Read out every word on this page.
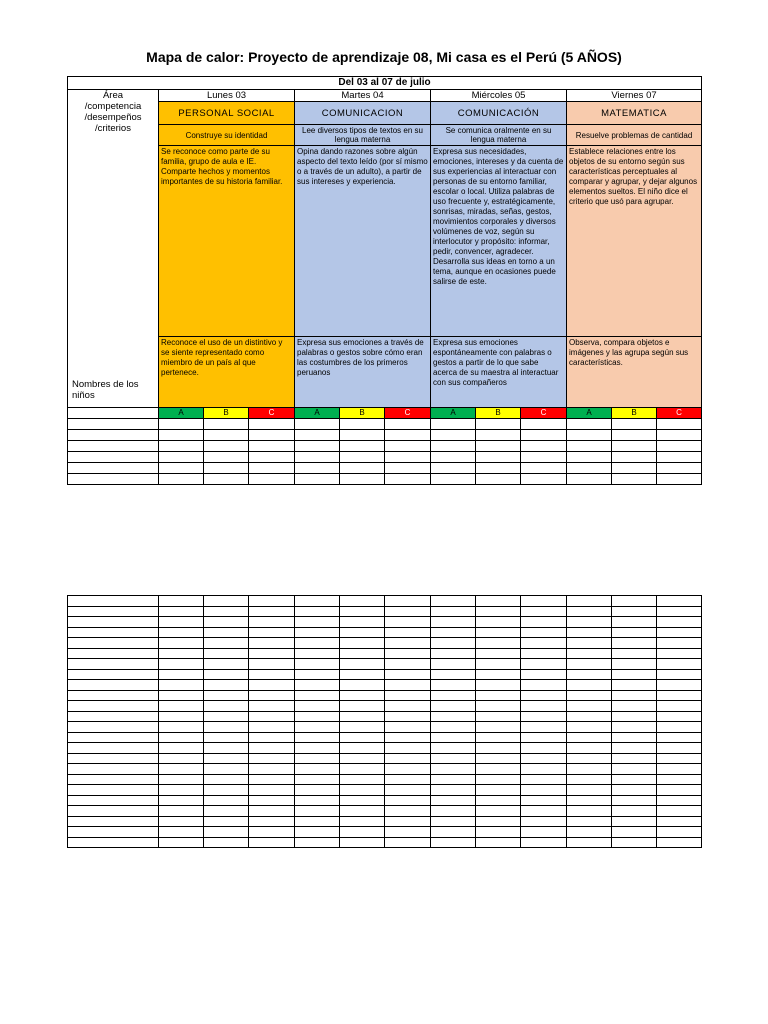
Mapa de calor: Proyecto de aprendizaje 08, Mi casa es el Perú (5 AÑOS)
Del 03 al 07 de julio												

Área
/competencia
/desempeños
/criterios
Nombres de los niños	Lunes 03			Martes 04			Miércoles 05			Viernes 07		
	PERSONAL SOCIAL			COMUNICACION			COMUNICACIÓN			MATEMATICA		
	Construye su identidad			Lee diversos tipos de textos en su lengua materna			Se comunica oralmente en su lengua materna			Resuelve problemas de cantidad		
	Se reconoce como parte de su familia, grupo de aula e IE. Comparte hechos y momentos importantes de su historia familiar.			Opina dando razones sobre algún aspecto del texto leído (por sí mismo o a través de un adulto), a partir de sus intereses y experiencia.			Expresa sus necesidades, emociones, intereses y da cuenta de sus experiencias al interactuar con personas de su entorno familiar, escolar o local. Utiliza palabras de uso frecuente y, estratégicamente, sonrisas, miradas, señas, gestos, movimientos corporales y diversos volúmenes de voz, según su interlocutor y propósito: informar, pedir, convencer, agradecer. Desarrolla sus ideas en torno a un tema, aunque en ocasiones puede salirse de este.			Establece relaciones entre los objetos de su entorno según sus características perceptuales al comparar y agrupar, y dejar algunos elementos sueltos. El niño dice el criterio que usó para agrupar.		
	Reconoce el uso de un distintivo y se siente representado como miembro de un país al que pertenece.			Expresa sus emociones a través de palabras o gestos sobre cómo eran las costumbres de los primeros peruanos			Expresa sus emociones espontáneamente con palabras o gestos a partir de lo que sabe acerca de su maestra al interactuar con sus compañeros			Observa, compara objetos e imágenes y las agrupa según sus características.		
	A	B	C	A	B	C	A	B	C	A	B	C
